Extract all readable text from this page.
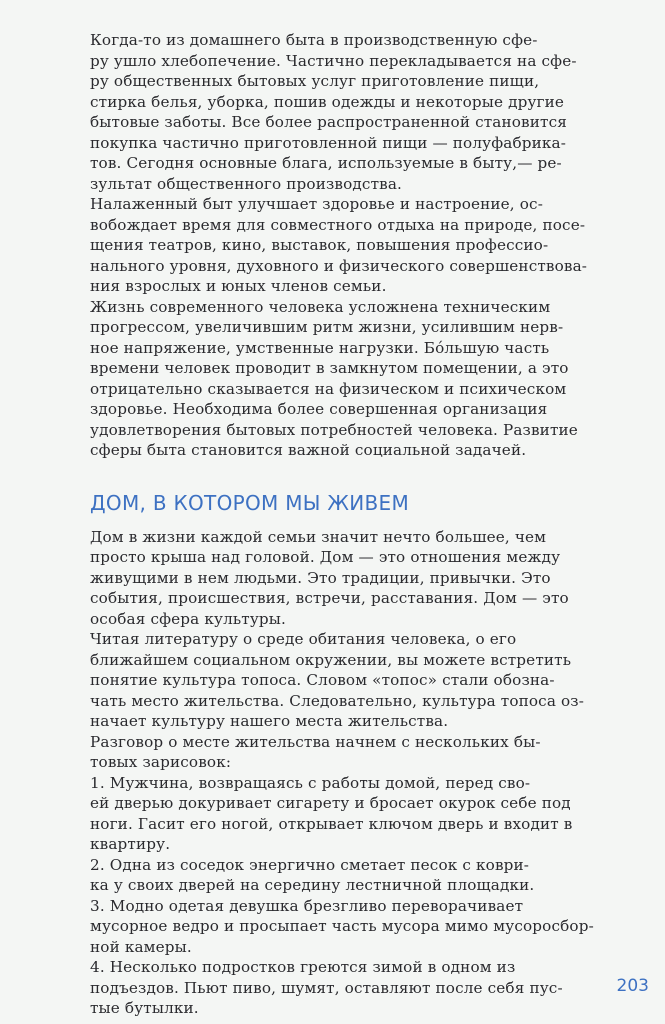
Когда-то из домашнего быта в производственную сфе-
ру ушло хлебопечение. Частично перекладывается на сфе-
ру общественных бытовых услуг приготовление пищи,
стирка белья, уборка, пошив одежды и некоторые другие
бытовые заботы. Все более распространенной становится
покупка частично приготовленной пищи — полуфабрика-
тов. Сегодня основные блага, используемые в быту,— ре-
зультат общественного производства.

Налаженный быт улучшает здоровье и настроение, ос-
вобождает время для совместного отдыха на природе, посе-
щения театров, кино, выставок, повышения профессио-
нального уровня, духовного и физического совершенствова-
ния взрослых и юных членов семьи.

Жизнь современного человека усложнена техническим
прогрессом, увеличившим ритм жизни, усилившим нерв-
ное напряжение, умственные нагрузки. Бóльшую часть
времени человек проводит в замкнутом помещении, а это
отрицательно сказывается на физическом и психическом
здоровье. Необходима более совершенная организация
удовлетворения бытовых потребностей человека. Развитие
сферы быта становится важной социальной задачей.

ДОМ, В КОТОРОМ МЫ ЖИВЕМ

Дом в жизни каждой семьи значит нечто большее, чем
просто крыша над головой. Дом — это отношения между
живущими в нем людьми. Это традиции, привычки. Это
события, происшествия, встречи, расставания. Дом — это
особая сфера культуры.

Читая литературу о среде обитания человека, о его
ближайшем социальном окружении, вы можете встретить
понятие культура топоса. Словом «топос» стали обозна-
чать место жительства. Следовательно, культура топоса оз-
начает культуру нашего места жительства.

Разговор о месте жительства начнем с нескольких бы-
товых зарисовок:

1. Мужчина, возвращаясь с работы домой, перед сво-
ей дверью докуривает сигарету и бросает окурок себе под
ноги. Гасит его ногой, открывает ключом дверь и входит в
квартиру.

2. Одна из соседок энергично сметает песок с коври-
ка у своих дверей на середину лестничной площадки.

3. Модно одетая девушка брезгливо переворачивает
мусорное ведро и просыпает часть мусора мимо мусоросбор-
ной камеры.

4. Несколько подростков греются зимой в одном из
подъездов. Пьют пиво, шумят, оставляют после себя пус-
тые бутылки.

203
